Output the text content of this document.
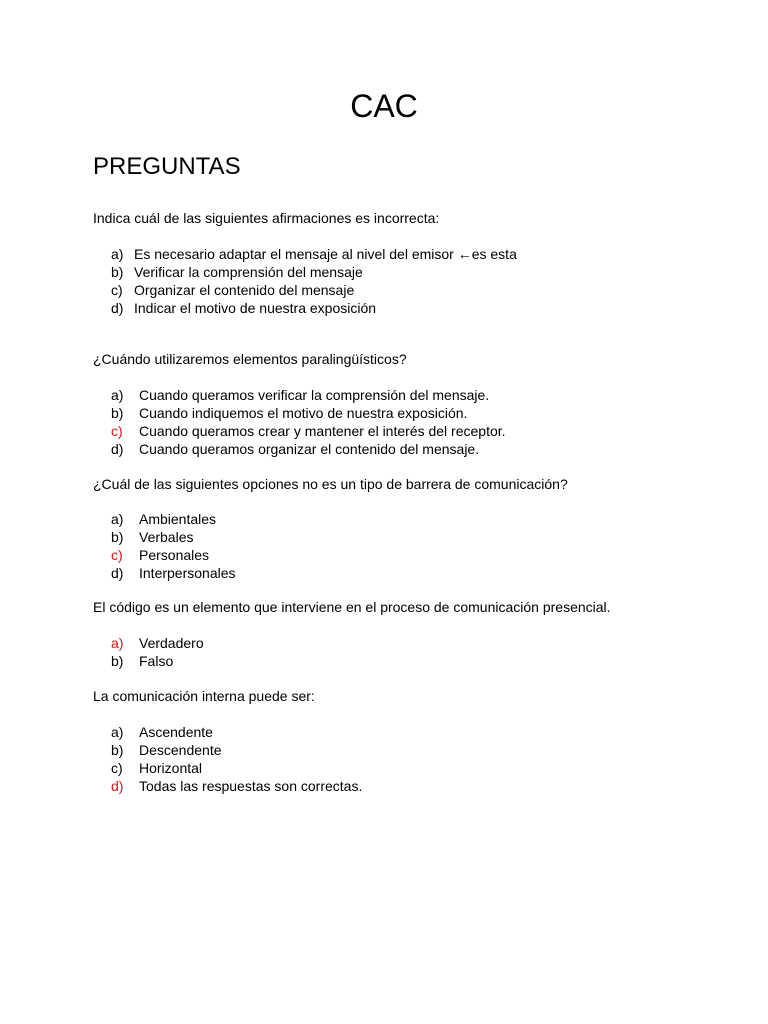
CAC
PREGUNTAS
Indica cuál de las siguientes afirmaciones es incorrecta:
a) Es necesario adaptar el mensaje al nivel del emisor ←es esta
b) Verificar la comprensión del mensaje
c) Organizar el contenido del mensaje
d) Indicar el motivo de nuestra exposición
¿Cuándo utilizaremos elementos paralingüísticos?
a) Cuando queramos verificar la comprensión del mensaje.
b) Cuando indiquemos el motivo de nuestra exposición.
c) Cuando queramos crear y mantener el interés del receptor.
d) Cuando queramos organizar el contenido del mensaje.
¿Cuál de las siguientes opciones no es un tipo de barrera de comunicación?
a) Ambientales
b) Verbales
c) Personales
d) Interpersonales
El código es un elemento que interviene en el proceso de comunicación presencial.
a) Verdadero
b) Falso
La comunicación interna puede ser:
a) Ascendente
b) Descendente
c) Horizontal
d) Todas las respuestas son correctas.
